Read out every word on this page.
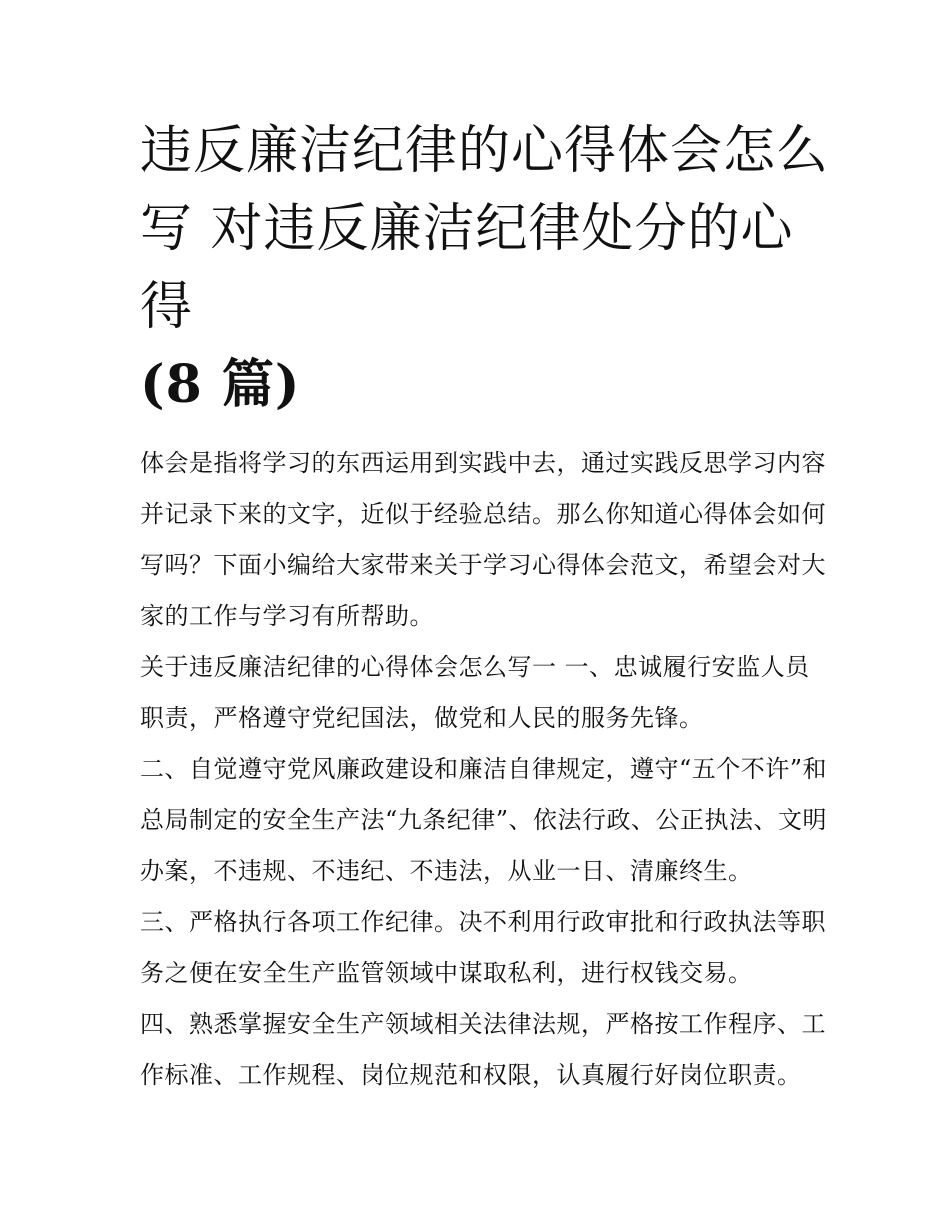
违反廉洁纪律的心得体会怎么
写 对违反廉洁纪律处分的心得
(8 篇)

体会是指将学习的东西运用到实践中去，通过实践反思学习内容并记录下来的文字，近似于经验总结。那么你知道心得体会如何写吗？下面小编给大家带来关于学习心得体会范文，希望会对大家的工作与学习有所帮助。

关于违反廉洁纪律的心得体会怎么写一 一、忠诚履行安监人员职责，严格遵守党纪国法，做党和人民的服务先锋。

二、自觉遵守党风廉政建设和廉洁自律规定，遵守“五个不许”和总局制定的安全生产法“九条纪律”、依法行政、公正执法、文明办案，不违规、不违纪、不违法，从业一日、清廉终生。

三、严格执行各项工作纪律。决不利用行政审批和行政执法等职务之便在安全生产监管领域中谋取私利，进行权钱交易。

四、熟悉掌握安全生产领域相关法律法规，严格按工作程序、工作标准、工作规程、岗位规范和权限，认真履行好岗位职责。
